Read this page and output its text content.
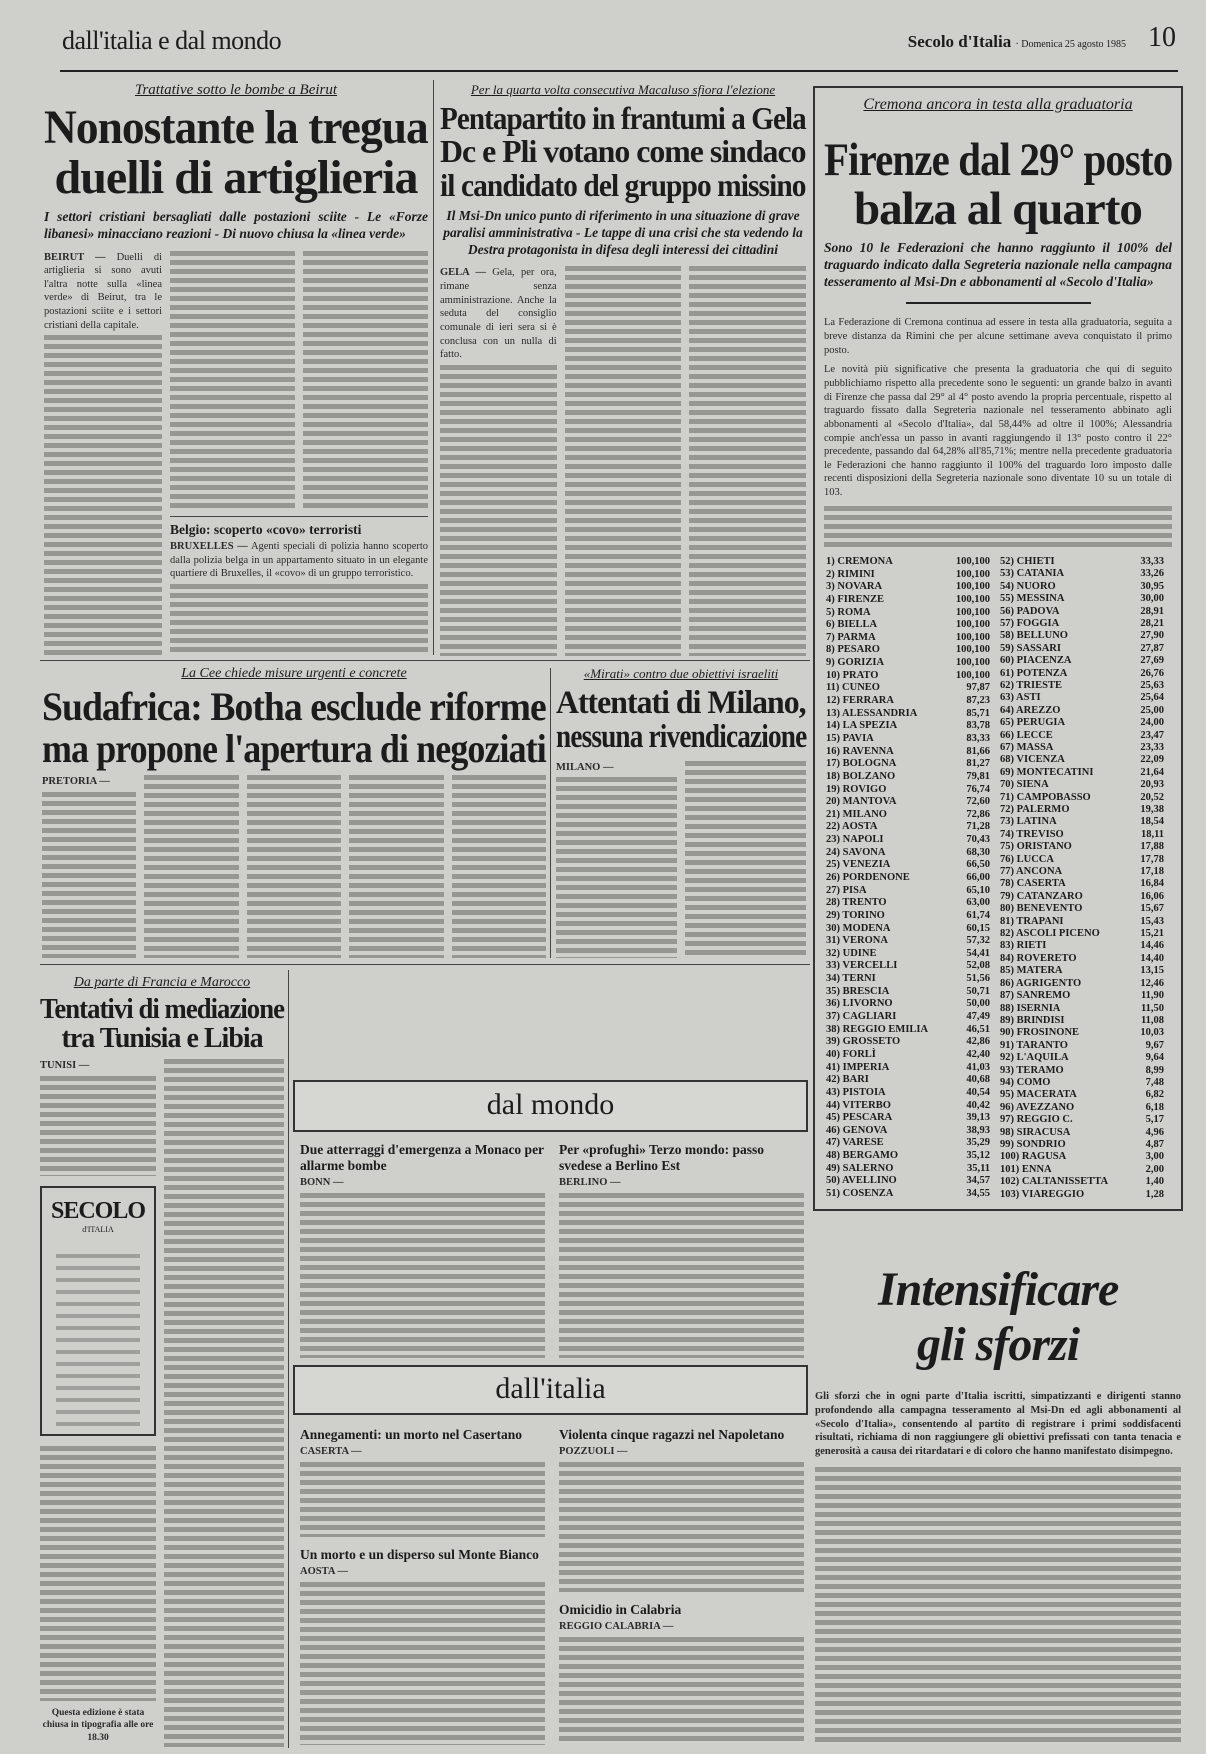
dall'italia e dal mondo	Secolo d'Italia · Domenica 25 agosto 1985 10
Trattative sotto le bombe a Beirut
Nonostante la tregua
duelli di artiglieria
I settori cristiani bersagliati dalle postazioni sciite - Le «Forze libanesi» minacciano reazioni - Di nuovo chiusa la «linea verde»
BEIRUT — Duelli di artiglieria si sono avuti l'altra notte sulla «linea verde» di Beirut, tra le postazioni sciite e i settori cristiani della capitale.
Belgio: scoperto «covo» terroristi
BRUXELLES — Agenti speciali di polizia hanno scoperto dalla polizia belga in un appartamento situato in un elegante quartiere di Bruxelles, il «covo» di un gruppo terroristico.
Per la quarta volta consecutiva Macaluso sfiora l'elezione
Pentapartito in frantumi a Gela
Dc e Pli votano come sindaco
il candidato del gruppo missino
Il Msi-Dn unico punto di riferimento in una situazione di grave paralisi amministrativa - Le tappe di una crisi che sta vedendo la Destra protagonista in difesa degli interessi dei cittadini
GELA — Gela, per ora, rimane senza amministrazione. Anche la seduta del consiglio comunale di ieri sera si è conclusa con un nulla di fatto.
Cremona ancora in testa alla graduatoria
Firenze dal 29° posto
balza al quarto
Sono 10 le Federazioni che hanno raggiunto il 100% del traguardo indicato dalla Segreteria nazionale nella campagna tesseramento al Msi-Dn e abbonamenti al «Secolo d'Italia»
La Federazione di Cremona continua ad essere in testa alla graduatoria, seguita a breve distanza da Rimini che per alcune settimane aveva conquistato il primo posto.
Le novità più significative che presenta la graduatoria che qui di seguito pubblichiamo rispetto alla precedente sono le seguenti: un grande balzo in avanti di Firenze che passa dal 29° al 4° posto avendo la propria percentuale, rispetto al traguardo fissato dalla Segreteria nazionale nel tesseramento abbinato agli abbonamenti al «Secolo d'Italia», dal 58,44% ad oltre il 100%; Alessandria compie anch'essa un passo in avanti raggiungendo il 13° posto contro il 22° precedente, passando dal 64,28% all'85,71%; mentre nella precedente graduatoria le Federazioni che hanno raggiunto il 100% del traguardo loro imposto dalle recenti disposizioni della Segreteria nazionale sono diventate 10 su un totale di 103.
1) CREMONA	100,100
2) RIMINI	100,100
3) NOVARA	100,100
4) FIRENZE	100,100
5) ROMA	100,100
6) BIELLA	100,100
7) PARMA	100,100
8) PESARO	100,100
9) GORIZIA	100,100
10) PRATO	100,100
11) CUNEO	97,87
12) FERRARA	87,23
13) ALESSANDRIA	85,71
14) LA SPEZIA	83,78
15) PAVIA	83,33
16) RAVENNA	81,66
17) BOLOGNA	81,27
18) BOLZANO	79,81
19) ROVIGO	76,74
20) MANTOVA	72,60
21) MILANO	72,86
22) AOSTA	71,28
23) NAPOLI	70,43
24) SAVONA	68,30
25) VENEZIA	66,50
26) PORDENONE	66,00
27) PISA	65,10
28) TRENTO	63,00
29) TORINO	61,74
30) MODENA	60,15
31) VERONA	57,32
32) UDINE	54,41
33) VERCELLI	52,08
34) TERNI	51,56
35) BRESCIA	50,71
36) LIVORNO	50,00
37) CAGLIARI	47,49
38) REGGIO EMILIA	46,51
39) GROSSETO	42,86
40) FORLÌ	42,40
41) IMPERIA	41,03
42) BARI	40,68
43) PISTOIA	40,54
44) VITERBO	40,42
45) PESCARA	39,13
46) GENOVA	38,93
47) VARESE	35,29
48) BERGAMO	35,12
49) SALERNO	35,11
50) AVELLINO	34,57
51) COSENZA	34,55
52) CHIETI	33,33
53) CATANIA	33,26
54) NUORO	30,95
55) MESSINA	30,00
56) PADOVA	28,91
57) FOGGIA	28,21
58) BELLUNO	27,90
59) SASSARI	27,87
60) PIACENZA	27,69
61) POTENZA	26,76
62) TRIESTE	25,63
63) ASTI	25,64
64) AREZZO	25,00
65) PERUGIA	24,00
66) LECCE	23,47
67) MASSA	23,33
68) VICENZA	22,09
69) MONTECATINI	21,64
70) SIENA	20,93
71) CAMPOBASSO	20,52
72) PALERMO	19,38
73) LATINA	18,54
74) TREVISO	18,11
75) ORISTANO	17,88
76) LUCCA	17,78
77) ANCONA	17,18
78) CASERTA	16,84
79) CATANZARO	16,06
80) BENEVENTO	15,67
81) TRAPANI	15,43
82) ASCOLI PICENO	15,21
83) RIETI	14,46
84) ROVERETO	14,40
85) MATERA	13,15
86) AGRIGENTO	12,46
87) SANREMO	11,90
88) ISERNIA	11,50
89) BRINDISI	11,08
90) FROSINONE	10,03
91) TARANTO	9,67
92) L'AQUILA	9,64
93) TERAMO	8,99
94) COMO	7,48
95) MACERATA	6,82
96) AVEZZANO	6,18
97) REGGIO C.	5,17
98) SIRACUSA	4,96
99) SONDRIO	4,87
100) RAGUSA	3,00
101) ENNA	2,00
102) CALTANISSETTA	1,40
103) VIAREGGIO	1,28
La Cee chiede misure urgenti e concrete
Sudafrica: Botha esclude riforme
ma propone l'apertura di negoziati
PRETORIA —
«Mirati» contro due obiettivi israeliti
Attentati di Milano,
nessuna rivendicazione
MILANO —
Da parte di Francia e Marocco
Tentativi di mediazione
tra Tunisia e Libia
TUNISI —
SECOLO
d'ITALIA
Questa edizione è stata chiusa in tipografia alle ore 18.30
dal mondo
Due atterraggi d'emergenza a Monaco per allarme bombe
BONN —
Per «profughi» Terzo mondo: passo svedese a Berlino Est
BERLINO —
dall'italia
Annegamenti: un morto nel Casertano
CASERTA —
Un morto e un disperso sul Monte Bianco
AOSTA —
Violenta cinque ragazzi nel Napoletano
POZZUOLI —
Omicidio in Calabria
REGGIO CALABRIA —
Intensificare
gli sforzi
Gli sforzi che in ogni parte d'Italia iscritti, simpatizzanti e dirigenti stanno profondendo alla campagna tesseramento al Msi-Dn ed agli abbonamenti al «Secolo d'Italia», consentendo al partito di registrare i primi soddisfacenti risultati, richiama di non raggiungere gli obiettivi prefissati con tanta tenacia e generosità a causa dei ritardatari e di coloro che hanno manifestato disimpegno.
